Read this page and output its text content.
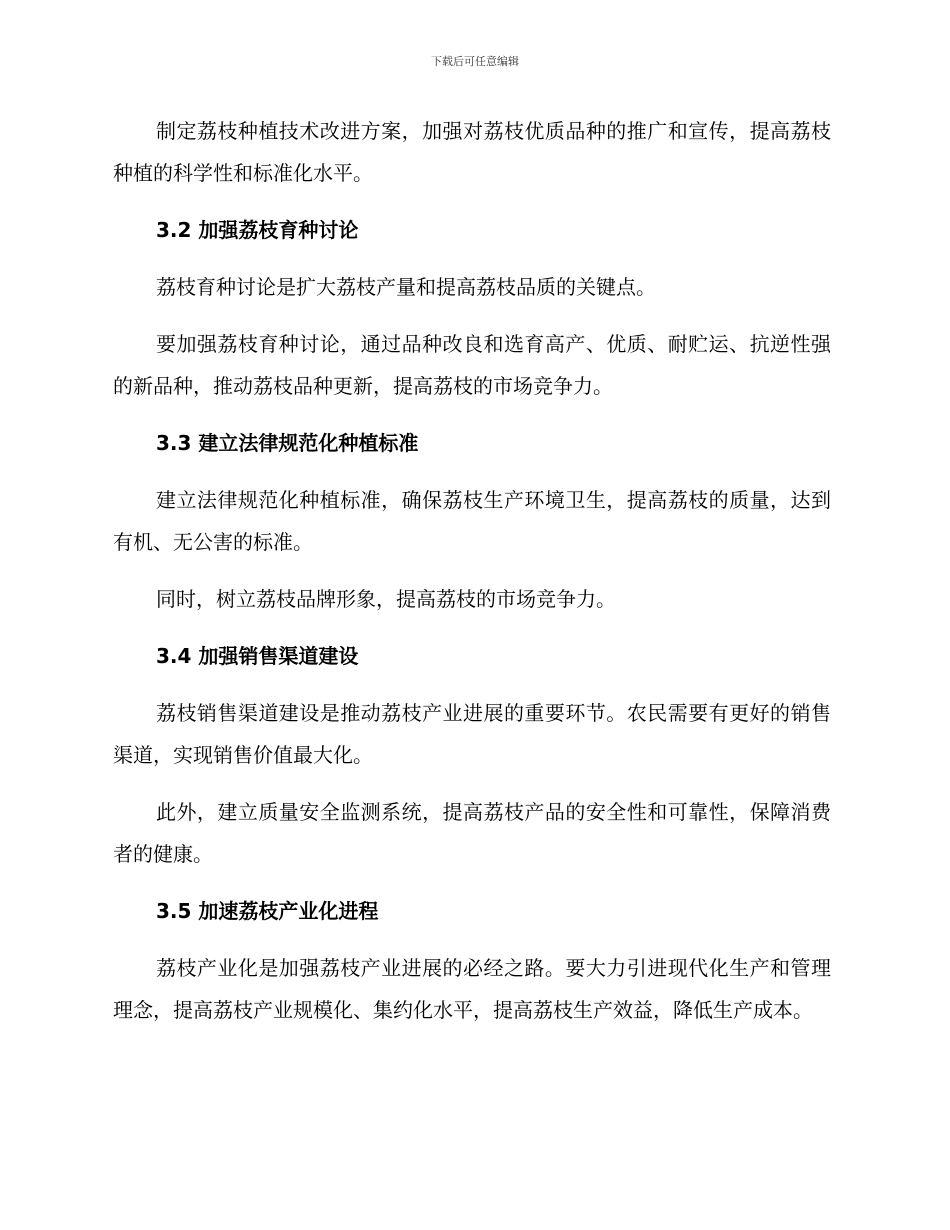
下载后可任意编辑

制定荔枝种植技术改进方案，加强对荔枝优质品种的推广和宣传，提高荔枝种植的科学性和标准化水平。

3.2 加强荔枝育种讨论

荔枝育种讨论是扩大荔枝产量和提高荔枝品质的关键点。

要加强荔枝育种讨论，通过品种改良和选育高产、优质、耐贮运、抗逆性强的新品种，推动荔枝品种更新，提高荔枝的市场竞争力。

3.3 建立法律规范化种植标准

建立法律规范化种植标准，确保荔枝生产环境卫生，提高荔枝的质量，达到有机、无公害的标准。

同时，树立荔枝品牌形象，提高荔枝的市场竞争力。

3.4 加强销售渠道建设

荔枝销售渠道建设是推动荔枝产业进展的重要环节。农民需要有更好的销售渠道，实现销售价值最大化。

此外，建立质量安全监测系统，提高荔枝产品的安全性和可靠性，保障消费者的健康。

3.5 加速荔枝产业化进程

荔枝产业化是加强荔枝产业进展的必经之路。要大力引进现代化生产和管理理念，提高荔枝产业规模化、集约化水平，提高荔枝生产效益，降低生产成本。
